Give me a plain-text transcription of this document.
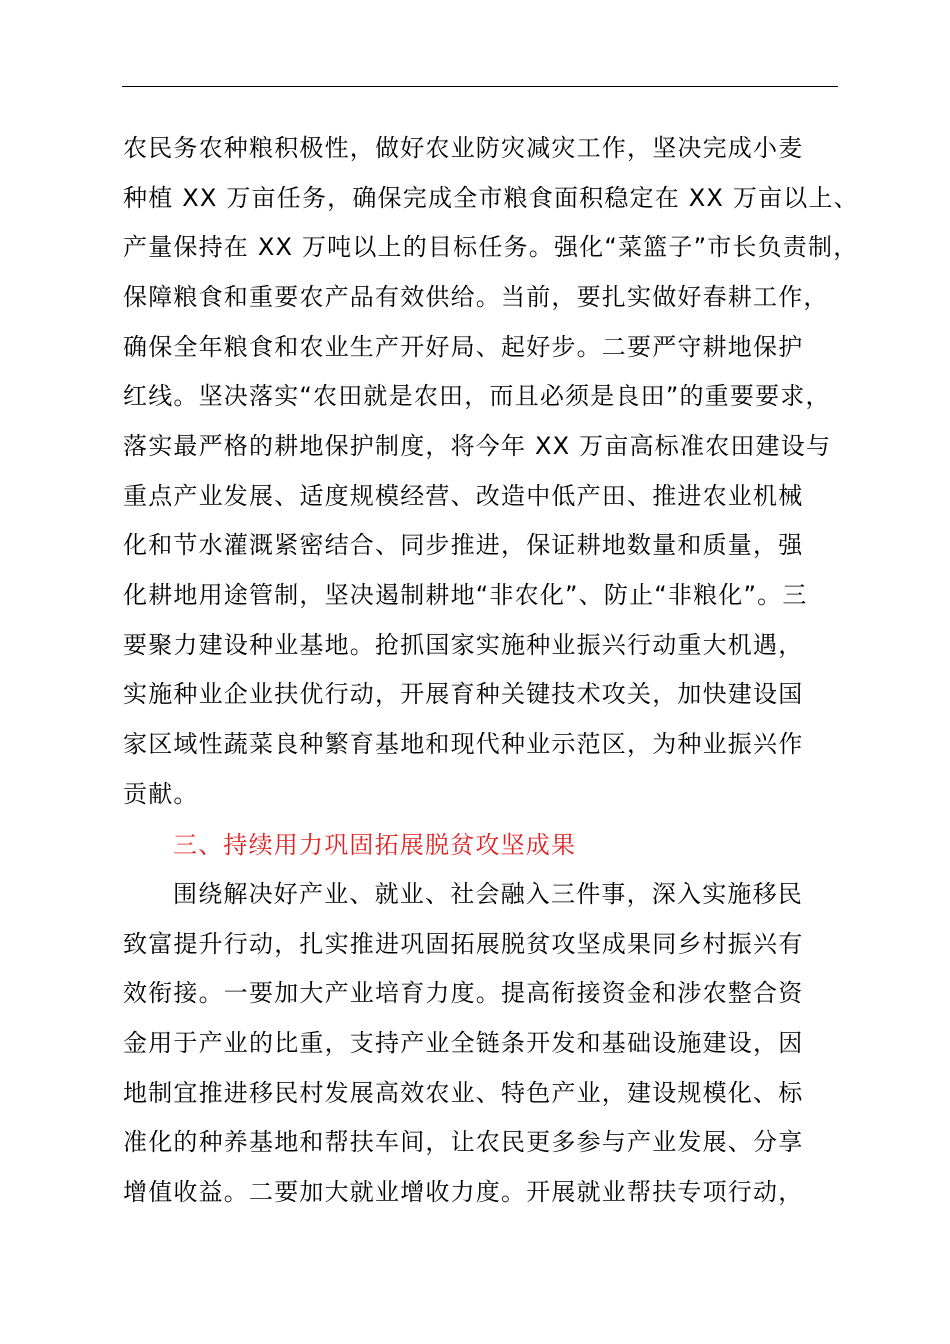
农民务农种粮积极性，做好农业防灾减灾工作，坚决完成小麦
种植 XX 万亩任务，确保完成全市粮食面积稳定在 XX 万亩以上、
产量保持在 XX 万吨以上的目标任务。强化“菜篮子”市长负责制，
保障粮食和重要农产品有效供给。当前，要扎实做好春耕工作，
确保全年粮食和农业生产开好局、起好步。二要严守耕地保护
红线。坚决落实“农田就是农田，而且必须是良田”的重要要求，
落实最严格的耕地保护制度，将今年 XX 万亩高标准农田建设与
重点产业发展、适度规模经营、改造中低产田、推进农业机械
化和节水灌溉紧密结合、同步推进，保证耕地数量和质量，强
化耕地用途管制，坚决遏制耕地“非农化”、防止“非粮化”。三
要聚力建设种业基地。抢抓国家实施种业振兴行动重大机遇，
实施种业企业扶优行动，开展育种关键技术攻关，加快建设国
家区域性蔬菜良种繁育基地和现代种业示范区，为种业振兴作
贡献。
三、持续用力巩固拓展脱贫攻坚成果
围绕解决好产业、就业、社会融入三件事，深入实施移民
致富提升行动，扎实推进巩固拓展脱贫攻坚成果同乡村振兴有
效衔接。一要加大产业培育力度。提高衔接资金和涉农整合资
金用于产业的比重，支持产业全链条开发和基础设施建设，因
地制宜推进移民村发展高效农业、特色产业，建设规模化、标
准化的种养基地和帮扶车间，让农民更多参与产业发展、分享
增值收益。二要加大就业增收力度。开展就业帮扶专项行动，
